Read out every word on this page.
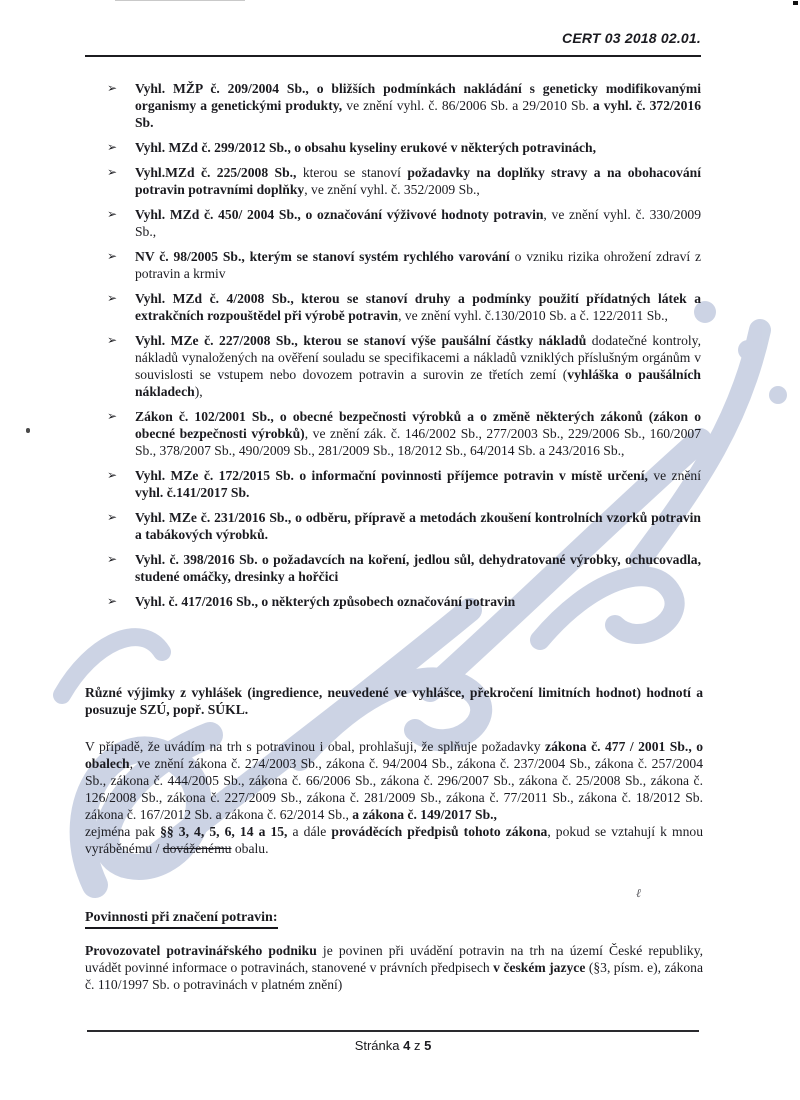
ℓ
CERT 03 2018 02.01.
➢	Vyhl. MŽP č. 209/2004 Sb., o bližších podmínkách nakládání s geneticky modifikovanými organismy a genetickými produkty, ve znění vyhl. č. 86/2006 Sb. a 29/2010 Sb. a vyhl. č. 372/2016 Sb.
➢	Vyhl. MZd č. 299/2012 Sb., o obsahu kyseliny erukové v některých potravinách,
➢	Vyhl.MZd č. 225/2008 Sb., kterou se stanoví požadavky na doplňky stravy a na obohacování potravin potravními doplňky, ve znění vyhl. č. 352/2009 Sb.,
➢	Vyhl. MZd č. 450/ 2004 Sb., o označování výživové hodnoty potravin, ve znění vyhl. č. 330/2009 Sb.,
➢	NV č. 98/2005 Sb., kterým se stanoví systém rychlého varování o vzniku rizika ohrožení zdraví z potravin a krmiv
➢	Vyhl. MZd č. 4/2008 Sb., kterou se stanoví druhy a podmínky použití přídatných látek a extrakčních rozpouštědel při výrobě potravin, ve znění vyhl. č.130/2010 Sb. a č. 122/2011 Sb.,
➢	Vyhl. MZe č. 227/2008 Sb., kterou se stanoví výše paušální částky nákladů dodatečné kontroly, nákladů vynaložených na ověření souladu se specifikacemi a nákladů vzniklých příslušným orgánům v souvislosti se vstupem nebo dovozem potravin a surovin ze třetích zemí (vyhláška o paušálních nákladech),
➢	Zákon č. 102/2001 Sb., o obecné bezpečnosti výrobků a o změně některých zákonů (zákon o obecné bezpečnosti výrobků), ve znění zák. č. 146/2002 Sb., 277/2003 Sb., 229/2006 Sb., 160/2007 Sb., 378/2007 Sb., 490/2009 Sb., 281/2009 Sb., 18/2012 Sb., 64/2014 Sb. a 243/2016 Sb.,
➢	Vyhl. MZe č. 172/2015 Sb. o informační povinnosti příjemce potravin v místě určení, ve znění vyhl. č.141/2017 Sb.
➢	Vyhl. MZe č. 231/2016 Sb., o odběru, přípravě a metodách zkoušení kontrolních vzorků potravin a tabákových výrobků.
➢	Vyhl. č. 398/2016 Sb. o požadavcích na koření, jedlou sůl, dehydratované výrobky, ochucovadla, studené omáčky, dresinky a hořčici
➢	Vyhl. č. 417/2016 Sb., o některých způsobech označování potravin
Různé výjimky z vyhlášek (ingredience, neuvedené ve vyhlášce, překročení limitních hodnot) hodnotí a posuzuje SZÚ, popř. SÚKL.
V případě, že uvádím na trh s potravinou i obal, prohlašuji, že splňuje požadavky zákona č. 477 / 2001 Sb., o obalech, ve znění zákona č. 274/2003 Sb., zákona č. 94/2004 Sb., zákona č. 237/2004 Sb., zákona č. 257/2004 Sb., zákona č. 444/2005 Sb., zákona č. 66/2006 Sb., zákona č. 296/2007 Sb., zákona č. 25/2008 Sb., zákona č. 126/2008 Sb., zákona č. 227/2009 Sb., zákona č. 281/2009 Sb., zákona č. 77/2011 Sb., zákona č. 18/2012 Sb. zákona č. 167/2012 Sb. a zákona č. 62/2014 Sb., a zákona č. 149/2017 Sb.,
zejména pak §§ 3, 4, 5, 6, 14 a 15, a dále prováděcích předpisů tohoto zákona, pokud se vztahují k mnou vyráběnému / dováženému obalu.
Povinnosti při značení potravin:
Provozovatel potravinářského podniku je povinen při uvádění potravin na trh na území České republiky, uvádět povinné informace o potravinách, stanovené v právních předpisech v českém jazyce (§3, písm. e), zákona č. 110/1997 Sb. o potravinách v platném znění)
Stránka 4 z 5
